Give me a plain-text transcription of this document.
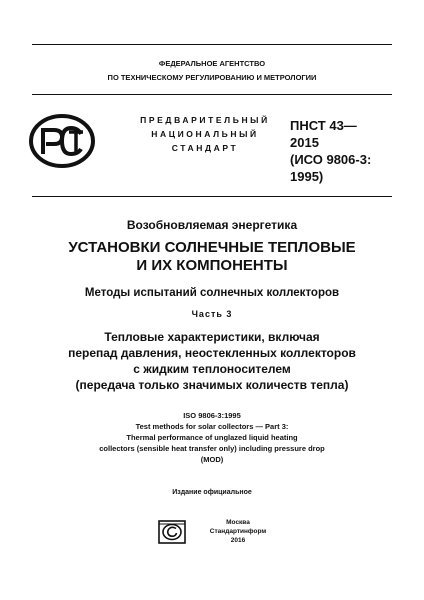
ФЕДЕРАЛЬНОЕ АГЕНТСТВО
ПО ТЕХНИЧЕСКОМУ РЕГУЛИРОВАНИЮ И МЕТРОЛОГИИ
ПРЕДВАРИТЕЛЬНЫЙ
НАЦИОНАЛЬНЫЙ
СТАНДАРТ
ПНСТ 43—
2015
(ИСО 9806-3:
1995)
Возобновляемая энергетика
УСТАНОВКИ СОЛНЕЧНЫЕ ТЕПЛОВЫЕ
И ИХ КОМПОНЕНТЫ
Методы испытаний солнечных коллекторов
Часть 3
Тепловые характеристики, включая
перепад давления, неостекленных коллекторов
с жидким теплоносителем
(передача только значимых количеств тепла)
ISO 9806-3:1995
Test methods for solar collectors — Part 3:
Thermal performance of unglazed liquid heating
collectors (sensible heat transfer only) including pressure drop
(MOD)
Издание официальное
Москва
Стандартинформ
2016
